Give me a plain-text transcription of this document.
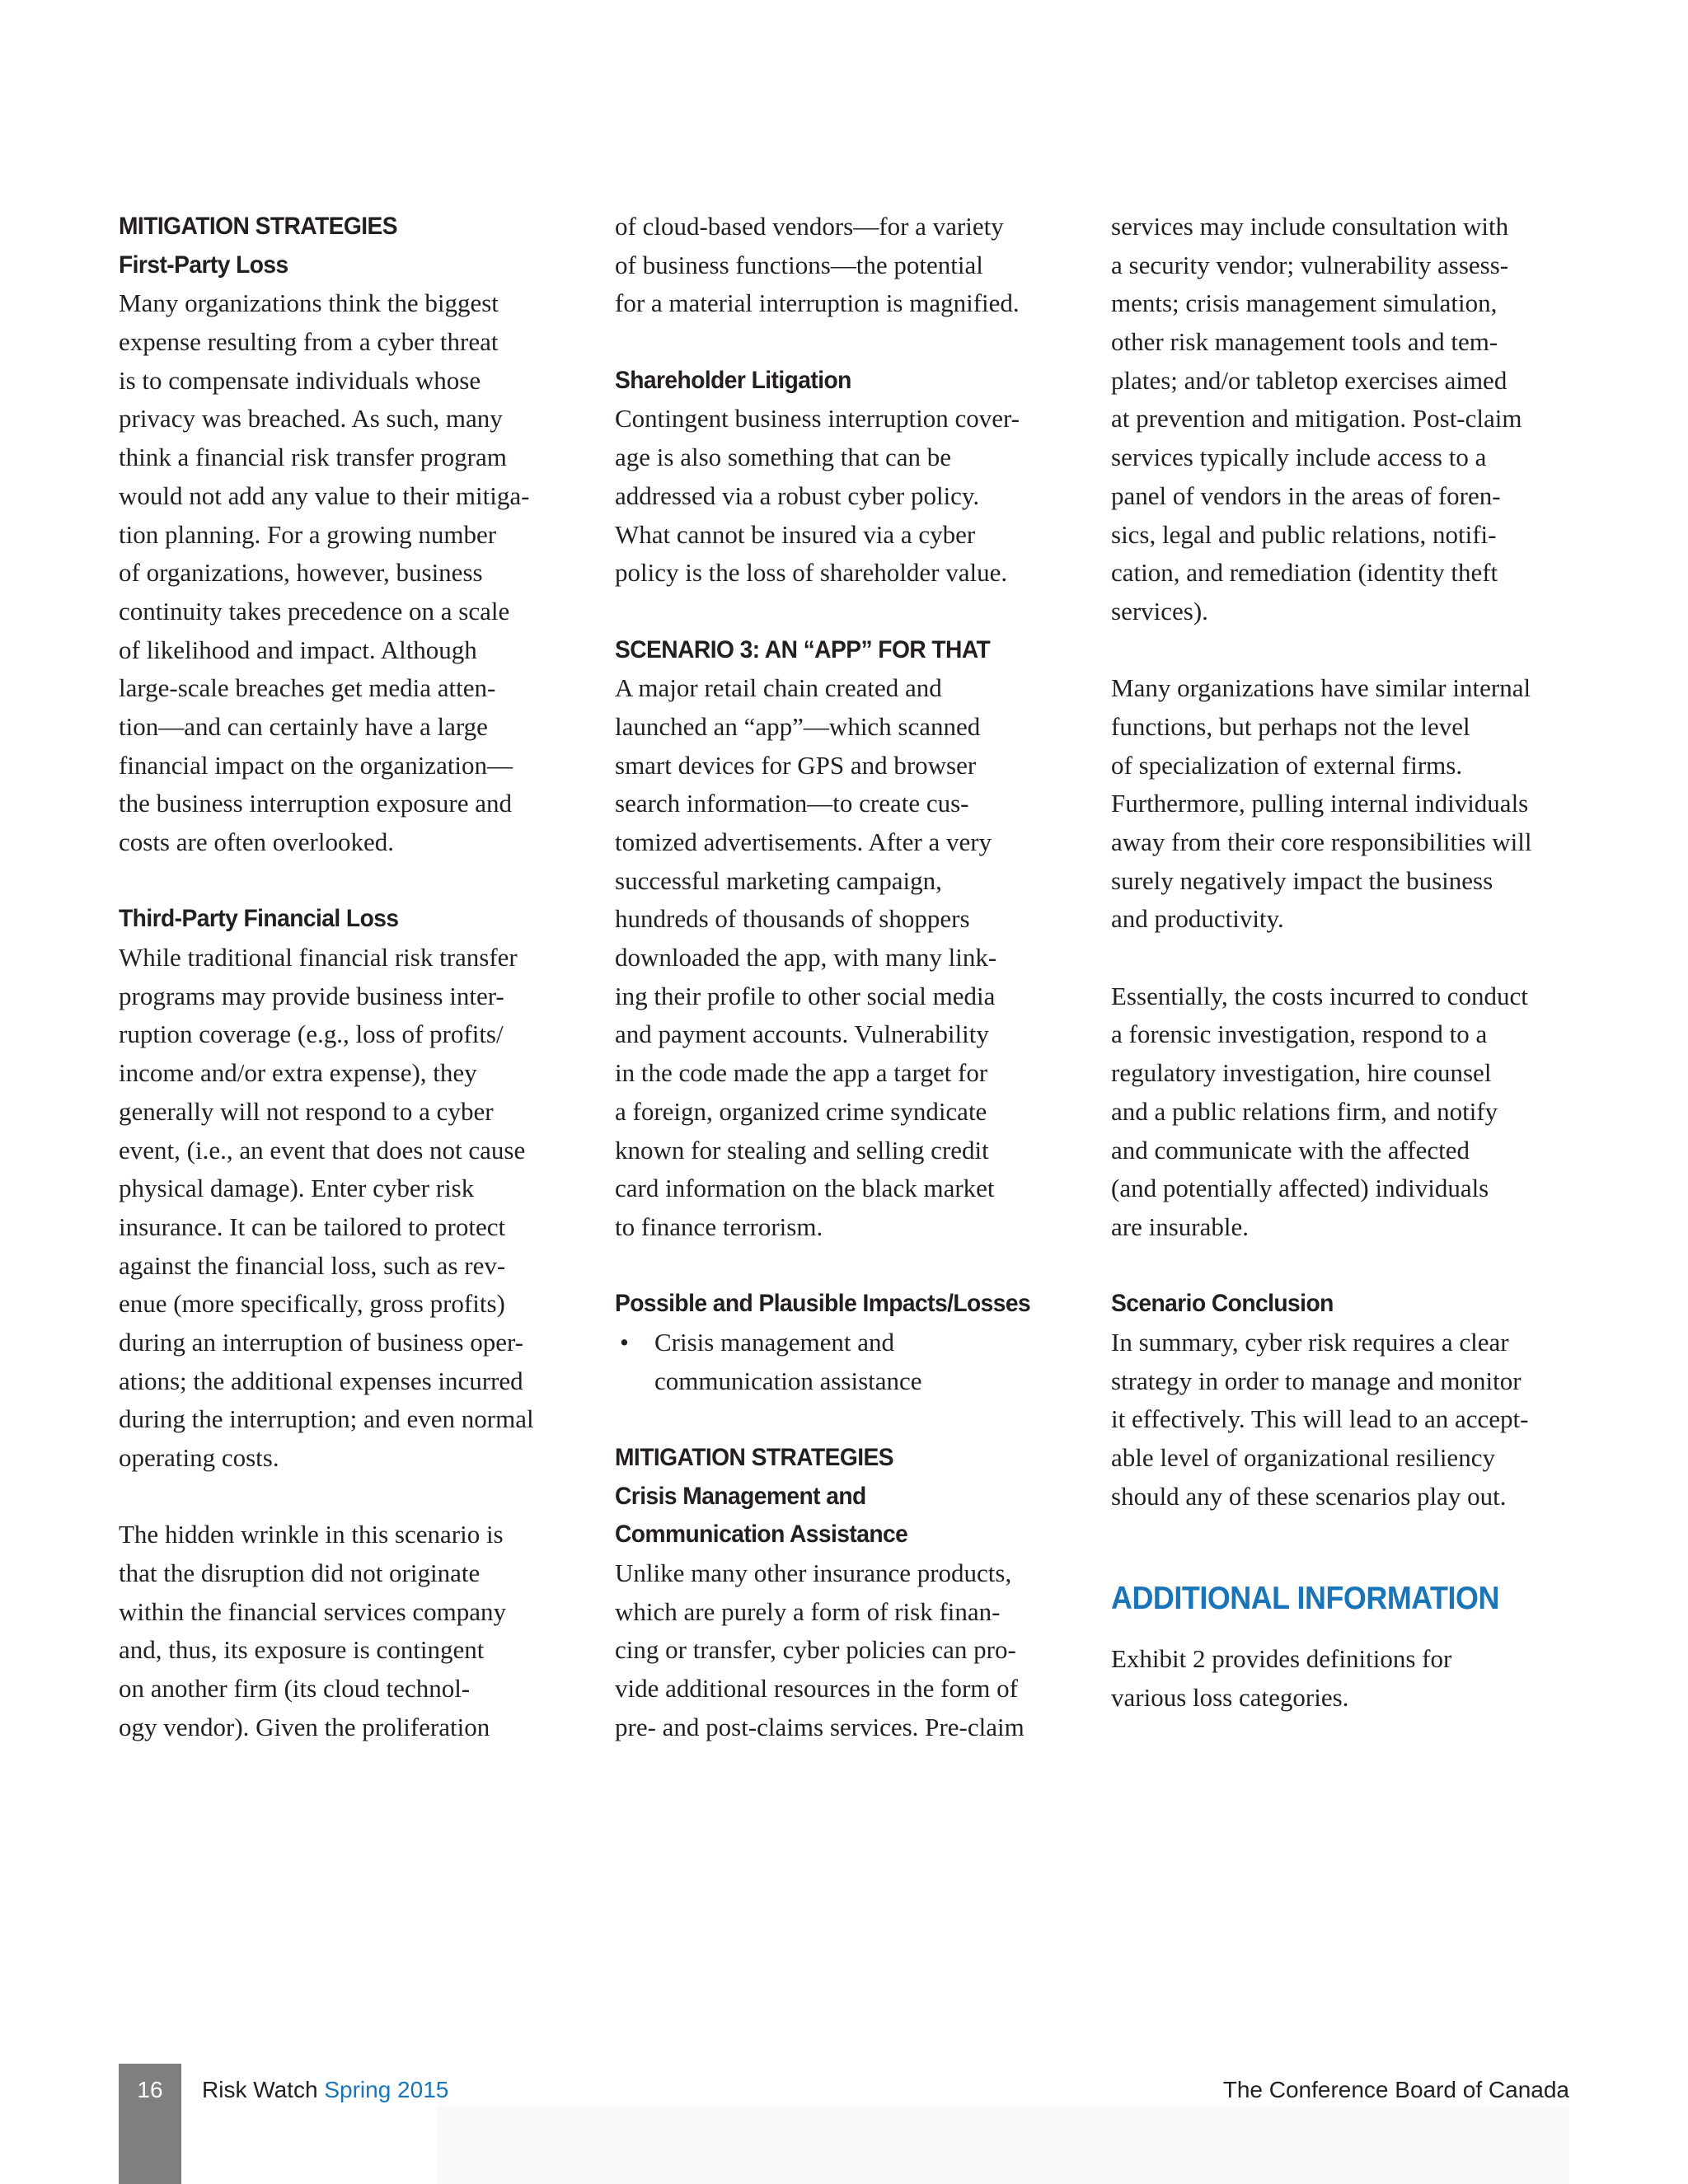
MITIGATION STRATEGIES
First-Party Loss
Many organizations think the biggest
expense resulting from a cyber threat
is to compensate individuals whose
privacy was breached. As such, many
think a financial risk transfer program
would not add any value to their mitiga-
tion planning. For a growing number
of organizations, however, business
continuity takes precedence on a scale
of likelihood and impact. Although
large-scale breaches get media atten-
tion—and can certainly have a large
financial impact on the organization—
the business interruption exposure and
costs are often overlooked.
Third-Party Financial Loss
While traditional financial risk transfer
programs may provide business inter-
ruption coverage (e.g., loss of profits/
income and/or extra expense), they
generally will not respond to a cyber
event, (i.e., an event that does not cause
physical damage). Enter cyber risk
insurance. It can be tailored to protect
against the financial loss, such as rev-
enue (more specifically, gross profits)
during an interruption of business oper-
ations; the additional expenses incurred
during the interruption; and even normal
operating costs.
The hidden wrinkle in this scenario is
that the disruption did not originate
within the financial services company
and, thus, its exposure is contingent
on another firm (its cloud technol-
ogy vendor). Given the proliferation
of cloud-based vendors—for a variety
of business functions—the potential
for a material interruption is magnified.
Shareholder Litigation
Contingent business interruption cover-
age is also something that can be
addressed via a robust cyber policy.
What cannot be insured via a cyber
policy is the loss of shareholder value.
SCENARIO 3: AN “APP” FOR THAT
A major retail chain created and
launched an “app”—which scanned
smart devices for GPS and browser
search information—to create cus-
tomized advertisements. After a very
successful marketing campaign,
hundreds of thousands of shoppers
downloaded the app, with many link-
ing their profile to other social media
and payment accounts. Vulnerability
in the code made the app a target for
a foreign, organized crime syndicate
known for stealing and selling credit
card information on the black market
to finance terrorism.
Possible and Plausible Impacts/Losses
• Crisis management and
communication assistance
MITIGATION STRATEGIES
Crisis Management and
Communication Assistance
Unlike many other insurance products,
which are purely a form of risk finan-
cing or transfer, cyber policies can pro-
vide additional resources in the form of
pre- and post-claims services. Pre-claim
services may include consultation with
a security vendor; vulnerability assess-
ments; crisis management simulation,
other risk management tools and tem-
plates; and/or tabletop exercises aimed
at prevention and mitigation. Post-claim
services typically include access to a
panel of vendors in the areas of foren-
sics, legal and public relations, notifi-
cation, and remediation (identity theft
services).
Many organizations have similar internal
functions, but perhaps not the level
of specialization of external firms.
Furthermore, pulling internal individuals
away from their core responsibilities will
surely negatively impact the business
and productivity.
Essentially, the costs incurred to conduct
a forensic investigation, respond to a
regulatory investigation, hire counsel
and a public relations firm, and notify
and communicate with the affected
(and potentially affected) individuals
are insurable.
Scenario Conclusion
In summary, cyber risk requires a clear
strategy in order to manage and monitor
it effectively. This will lead to an accept-
able level of organizational resiliency
should any of these scenarios play out.
ADDITIONAL INFORMATION
Exhibit 2 provides definitions for
various loss categories.
16	Risk Watch Spring 2015	The Conference Board of Canada
